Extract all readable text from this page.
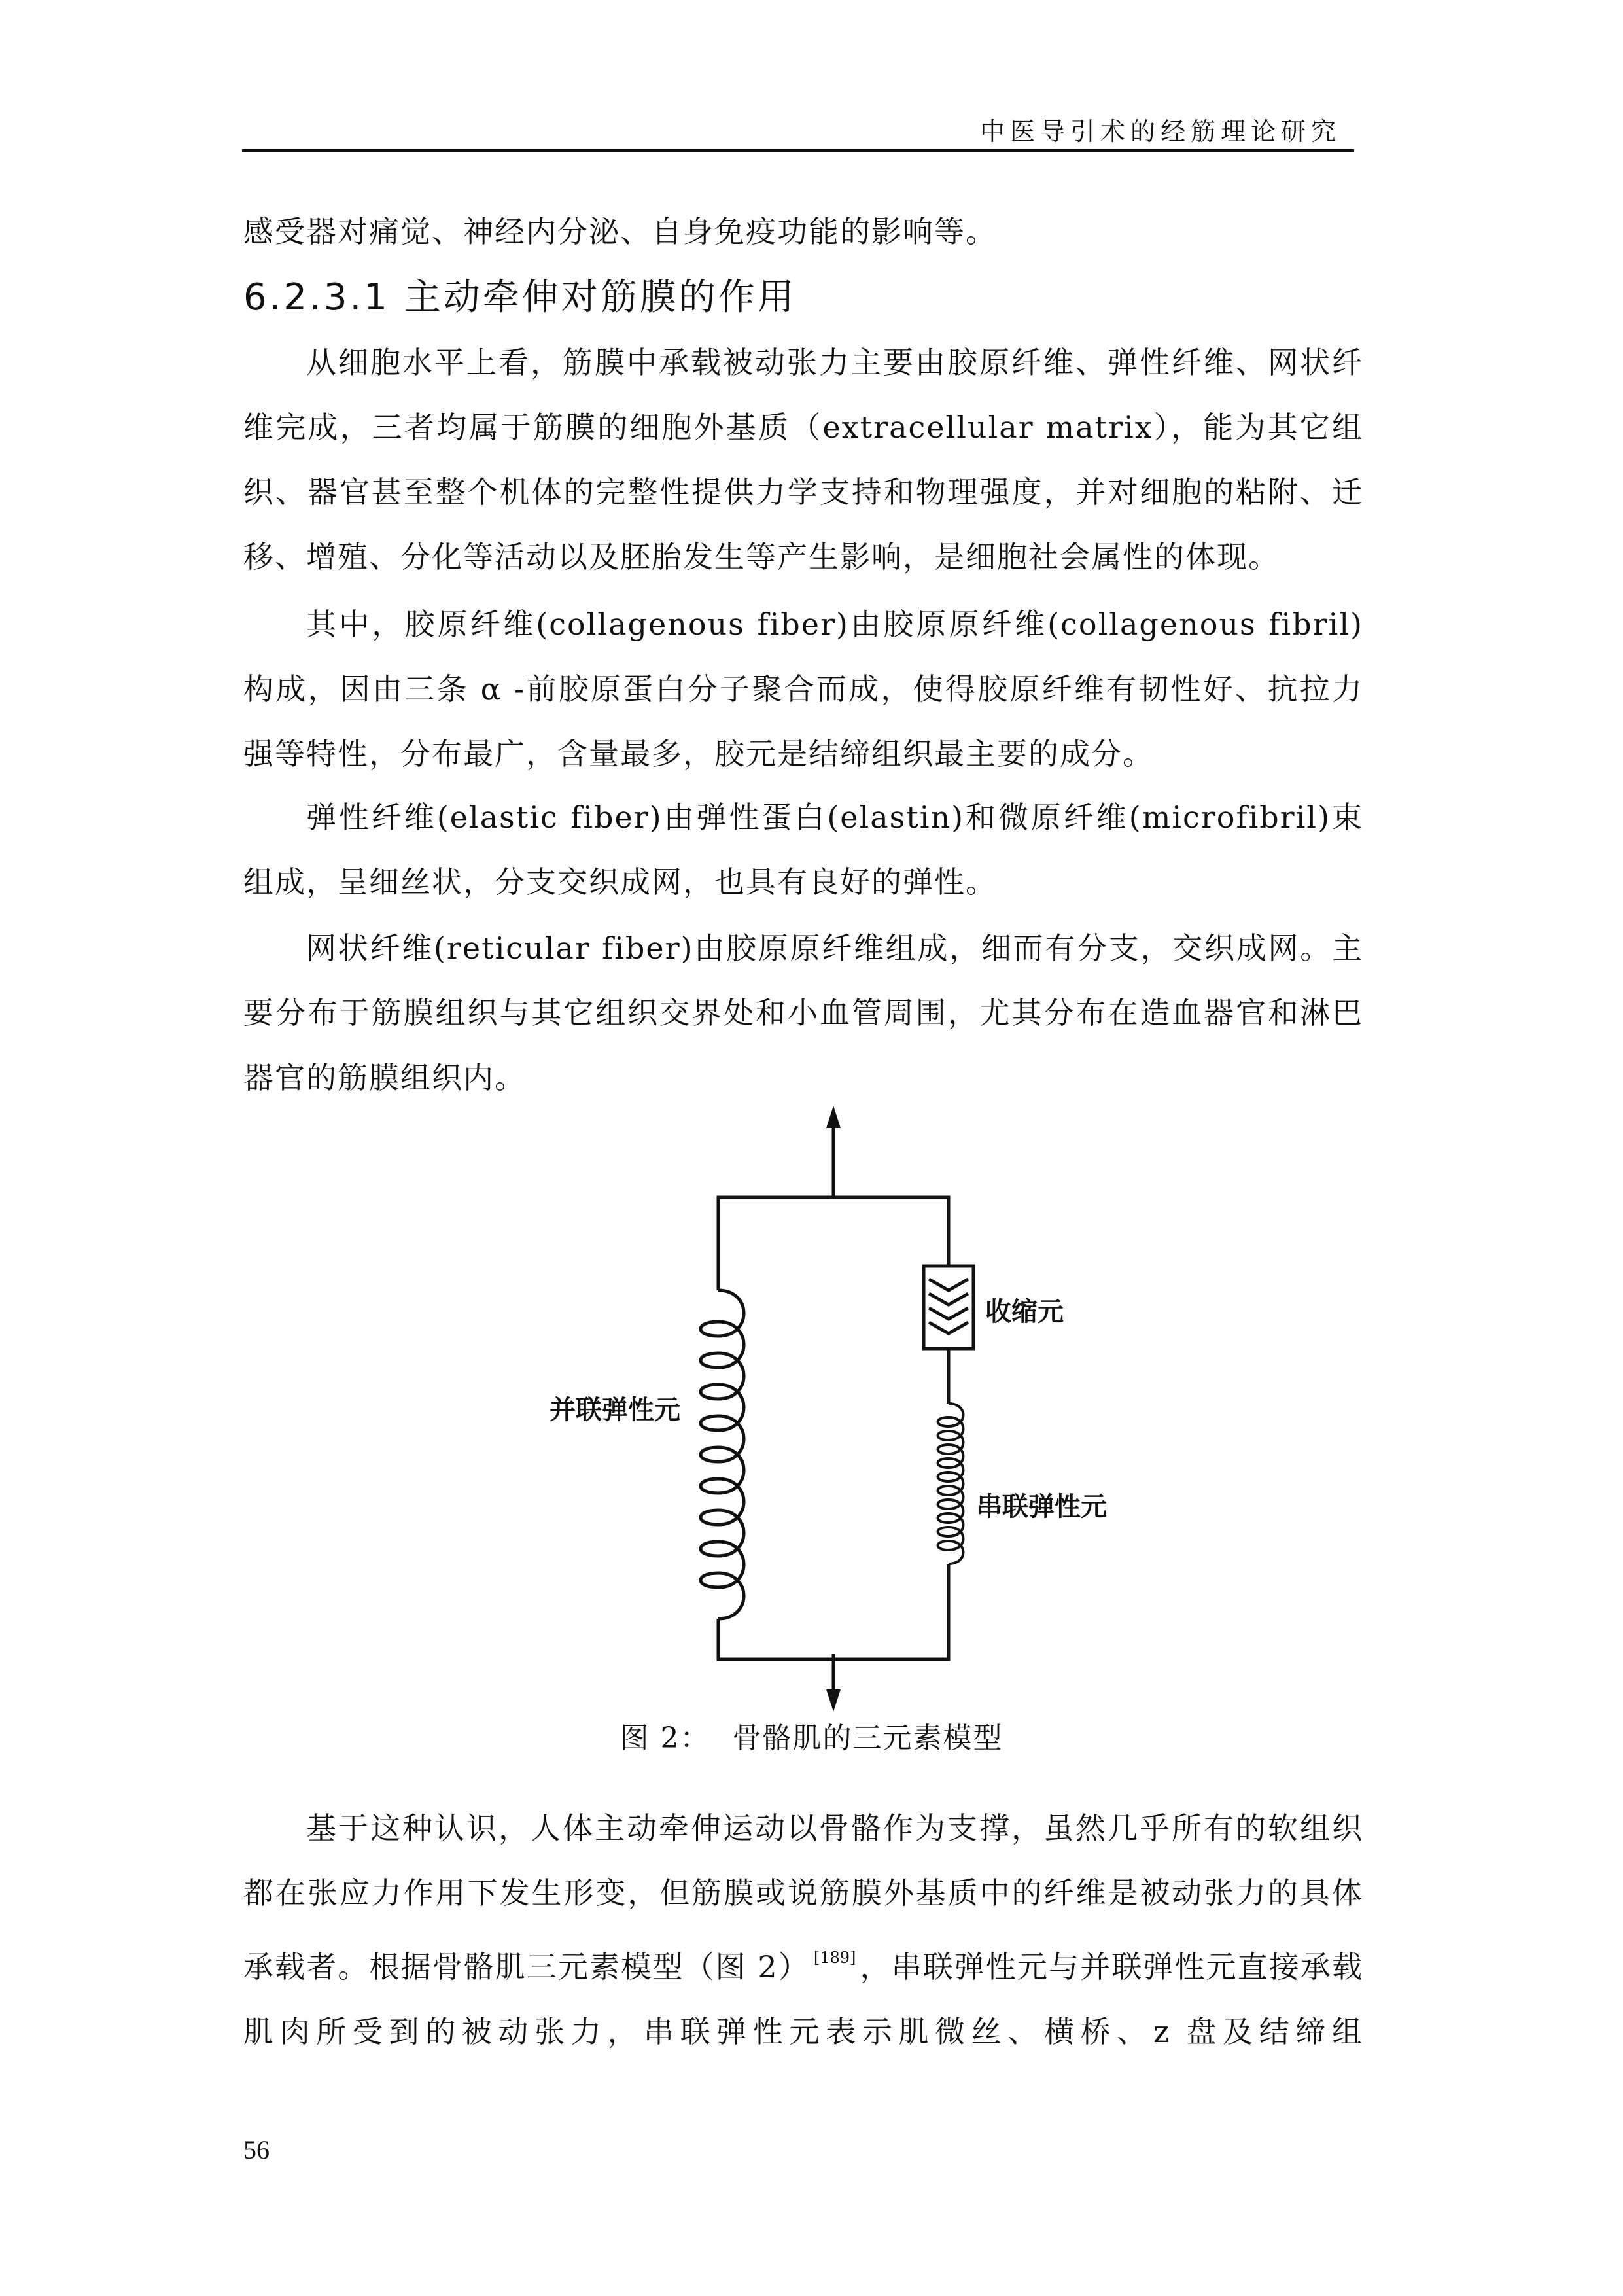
中医导引术的经筋理论研究
感受器对痛觉、神经内分泌、自身免疫功能的影响等。
6.2.3.1 主动牵伸对筋膜的作用
从细胞水平上看，筋膜中承载被动张力主要由胶原纤维、弹性纤维、网状纤维完成，三者均属于筋膜的细胞外基质（extracellular matrix），能为其它组织、器官甚至整个机体的完整性提供力学支持和物理强度，并对细胞的粘附、迁移、增殖、分化等活动以及胚胎发生等产生影响，是细胞社会属性的体现。
其中，胶原纤维(collagenous fiber)由胶原原纤维(collagenous fibril)构成，因由三条 α -前胶原蛋白分子聚合而成，使得胶原纤维有韧性好、抗拉力强等特性，分布最广，含量最多，胶元是结缔组织最主要的成分。
弹性纤维(elastic fiber)由弹性蛋白(elastin)和微原纤维(microfibril)束组成，呈细丝状，分支交织成网，也具有良好的弹性。
网状纤维(reticular fiber)由胶原原纤维组成，细而有分支，交织成网。主要分布于筋膜组织与其它组织交界处和小血管周围，尤其分布在造血器官和淋巴器官的筋膜组织内。
收缩元
并联弹性元
串联弹性元
图 2： 骨骼肌的三元素模型
基于这种认识，人体主动牵伸运动以骨骼作为支撑，虽然几乎所有的软组织都在张应力作用下发生形变，但筋膜或说筋膜外基质中的纤维是被动张力的具体承载者。根据骨骼肌三元素模型（图 2） [189] ，串联弹性元与并联弹性元直接承载肌肉所受到的被动张力，串联弹性元表示肌微丝、横桥、z 盘及结缔组
56
